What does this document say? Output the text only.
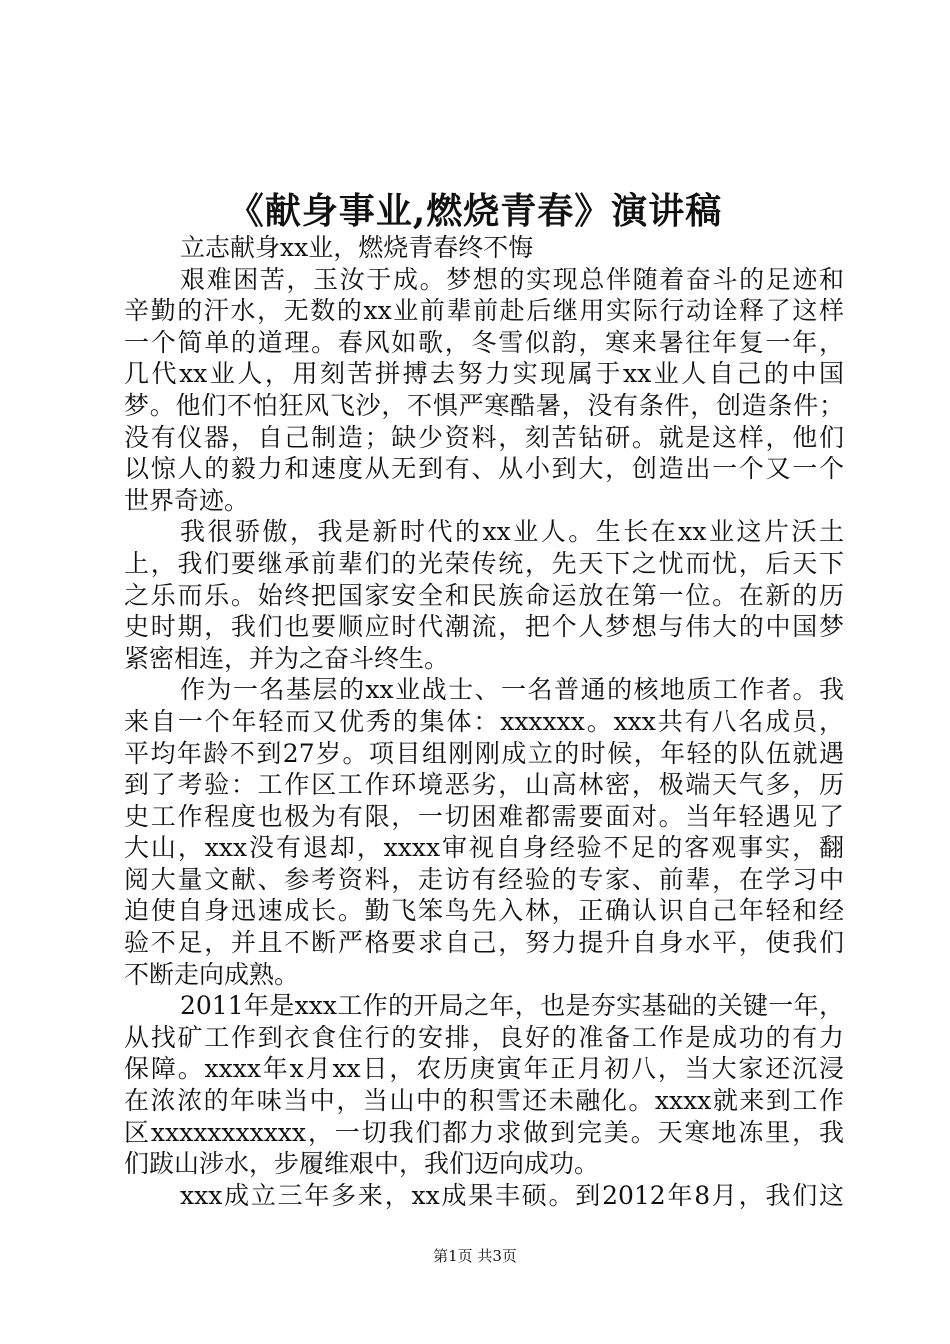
《献身事业,燃烧青春》演讲稿
立志献身xx业，燃烧青春终不悔
艰难困苦，玉汝于成。梦想的实现总伴随着奋斗的足迹和
辛勤的汗水，无数的xx业前辈前赴后继用实际行动诠释了这样
一个简单的道理。春风如歌，冬雪似韵，寒来暑往年复一年，
几代xx业人，用刻苦拼搏去努力实现属于xx业人自己的中国
梦。他们不怕狂风飞沙，不惧严寒酷暑，没有条件，创造条件；
没有仪器，自己制造；缺少资料，刻苦钻研。就是这样，他们
以惊人的毅力和速度从无到有、从小到大，创造出一个又一个
世界奇迹。
我很骄傲，我是新时代的xx业人。生长在xx业这片沃土
上，我们要继承前辈们的光荣传统，先天下之忧而忧，后天下
之乐而乐。始终把国家安全和民族命运放在第一位。在新的历
史时期，我们也要顺应时代潮流，把个人梦想与伟大的中国梦
紧密相连，并为之奋斗终生。
作为一名基层的xx业战士、一名普通的核地质工作者。我
来自一个年轻而又优秀的集体：xxxxxx。xxx共有八名成员，
平均年龄不到27岁。项目组刚刚成立的时候，年轻的队伍就遇
到了考验：工作区工作环境恶劣，山高林密，极端天气多，历
史工作程度也极为有限，一切困难都需要面对。当年轻遇见了
大山，xxx没有退却，xxxx审视自身经验不足的客观事实，翻
阅大量文献、参考资料，走访有经验的专家、前辈，在学习中
迫使自身迅速成长。勤飞笨鸟先入林，正确认识自己年轻和经
验不足，并且不断严格要求自己，努力提升自身水平，使我们
不断走向成熟。
2011年是xxx工作的开局之年，也是夯实基础的关键一年，
从找矿工作到衣食住行的安排，良好的准备工作是成功的有力
保障。xxxx年x月xx日，农历庚寅年正月初八，当大家还沉浸
在浓浓的年味当中，当山中的积雪还未融化。xxxx就来到工作
区xxxxxxxxxxx，一切我们都力求做到完美。天寒地冻里，我
们跋山涉水，步履维艰中，我们迈向成功。
xxx成立三年多来，xx成果丰硕。到2012年8月，我们这
第1页 共3页
